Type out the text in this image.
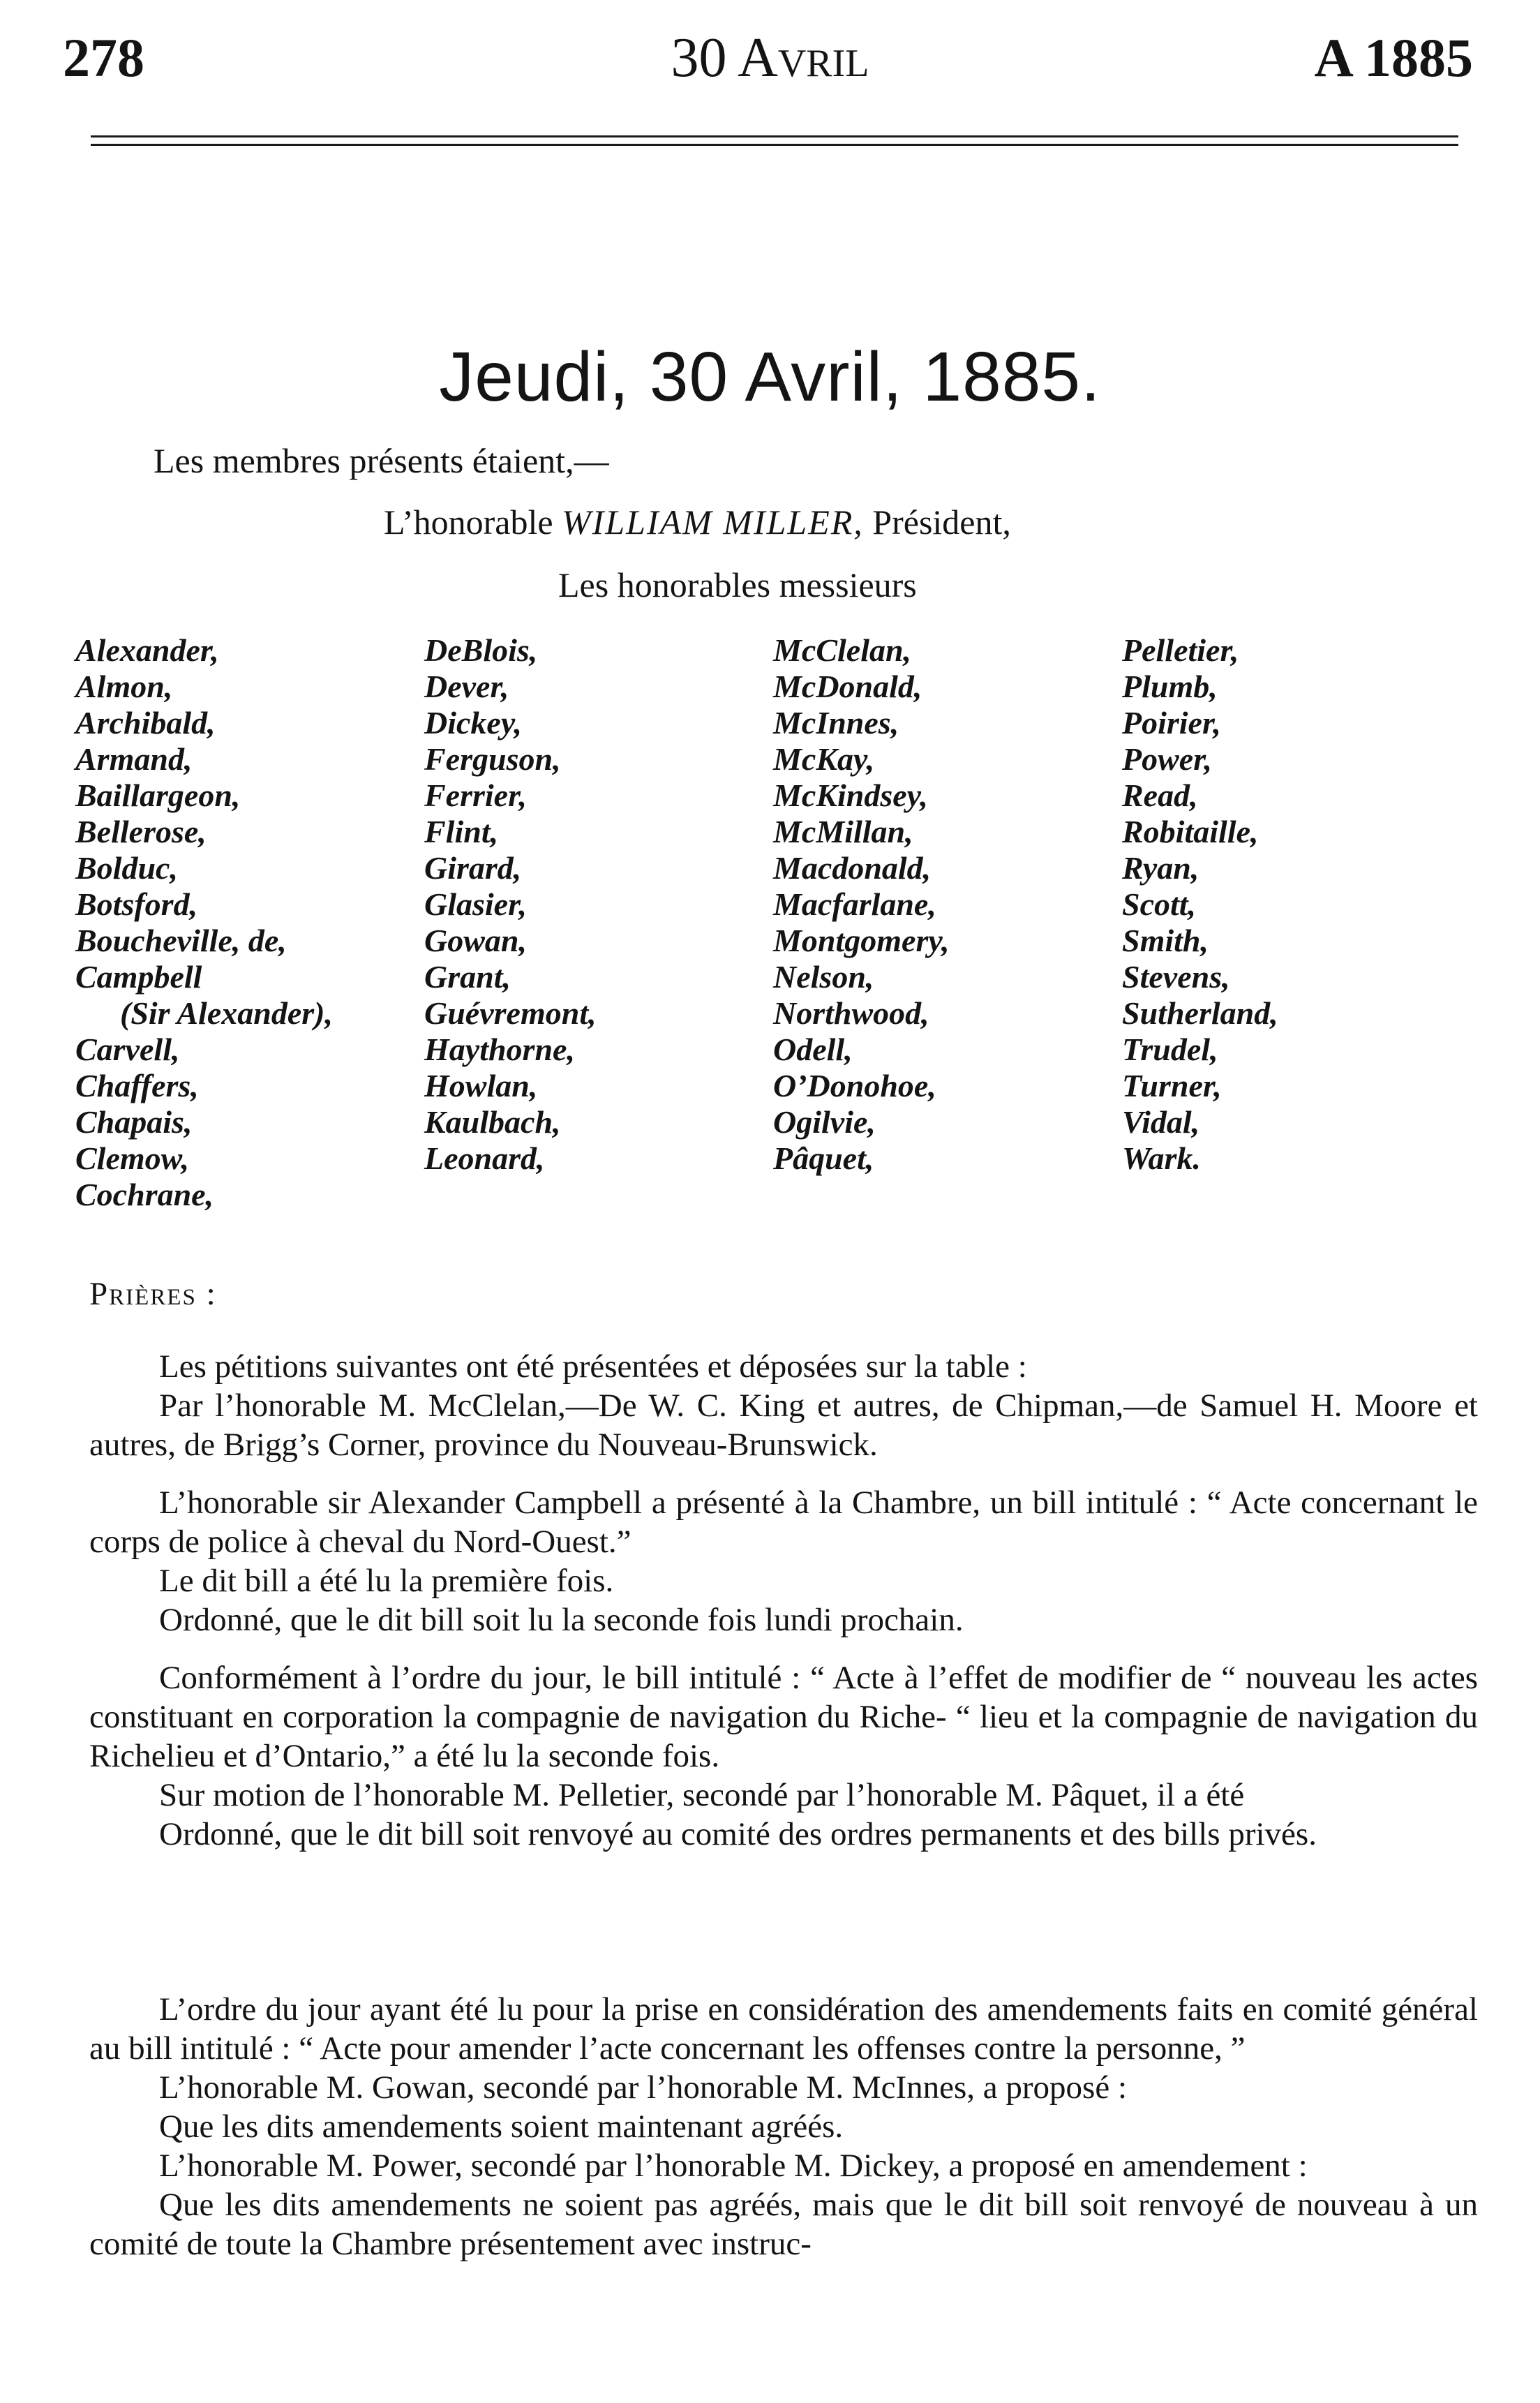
278	30 Avril	A 1885
Jeudi, 30 Avril, 1885.
Les membres présents étaient,—
L’honorable WILLIAM MILLER, Président,
Les honorables messieurs
Alexander,
Almon,
Archibald,
Armand,
Baillargeon,
Bellerose,
Bolduc,
Botsford,
Boucheville, de,
Campbell
(Sir Alexander),
Carvell,
Chaffers,
Chapais,
Clemow,
Cochrane,
DeBlois,
Dever,
Dickey,
Ferguson,
Ferrier,
Flint,
Girard,
Glasier,
Gowan,
Grant,
Guévremont,
Haythorne,
Howlan,
Kaulbach,
Leonard,
McClelan,
McDonald,
McInnes,
McKay,
McKindsey,
McMillan,
Macdonald,
Macfarlane,
Montgomery,
Nelson,
Northwood,
Odell,
O’Donohoe,
Ogilvie,
Pâquet,
Pelletier,
Plumb,
Poirier,
Power,
Read,
Robitaille,
Ryan,
Scott,
Smith,
Stevens,
Sutherland,
Trudel,
Turner,
Vidal,
Wark.
Prières :

Les pétitions suivantes ont été présentées et déposées sur la table :

Par l’honorable M. McClelan,—De W. C. King et autres, de Chipman,—de Samuel H. Moore et autres, de Brigg’s Corner, province du Nouveau-Brunswick.

L’honorable sir Alexander Campbell a présenté à la Chambre, un bill intitulé : “ Acte concernant le corps de police à cheval du Nord-Ouest.”

Le dit bill a été lu la première fois.

Ordonné, que le dit bill soit lu la seconde fois lundi prochain.

Conformément à l’ordre du jour, le bill intitulé : “ Acte à l’effet de modifier de “ nouveau les actes constituant en corporation la compagnie de navigation du Riche- “ lieu et la compagnie de navigation du Richelieu et d’Ontario,” a été lu la seconde fois.

Sur motion de l’honorable M. Pelletier, secondé par l’honorable M. Pâquet, il a été

Ordonné, que le dit bill soit renvoyé au comité des ordres permanents et des bills privés.

L’ordre du jour ayant été lu pour la prise en considération des amendements faits en comité général au bill intitulé : “ Acte pour amender l’acte concernant les offenses contre la personne, ”

L’honorable M. Gowan, secondé par l’honorable M. McInnes, a proposé :

Que les dits amendements soient maintenant agréés.

L’honorable M. Power, secondé par l’honorable M. Dickey, a proposé en amendement :

Que les dits amendements ne soient pas agréés, mais que le dit bill soit renvoyé de nouveau à un comité de toute la Chambre présentement avec instruc-
